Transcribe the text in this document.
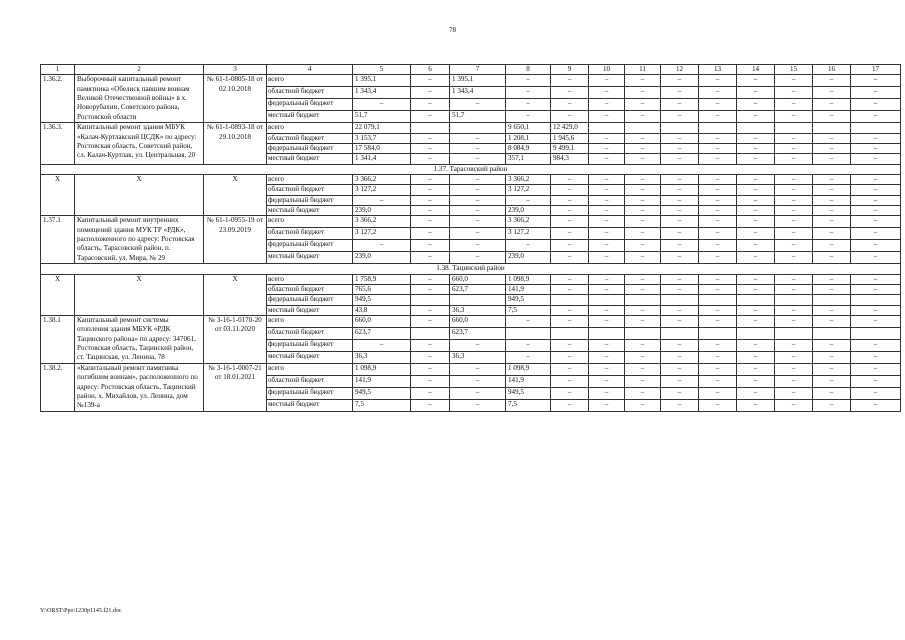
78
1	2	3	4	5	6	7	8	9	10	11	12	13	14	15	16	17
1.36.2.	Выборочный капитальный ремонт памятника «Обелиск павшим воинам Великой Отечественной войны» в х. Новорубахин, Советского района, Ростовской области	№ 61-1-0805-18 от 02.10.2018	всего	1 395,1	–	1 395,1	–	–	–	–	–	–	–	–	–	–
			областной бюджет	1 343,4	–	1 343,4	–	–	–	–	–	–	–	–	–	–
			федеральный бюджет	–	–	–	–	–	–	–	–	–	–	–	–	–
			местный бюджет	51,7	–	51,7	–	–	–	–	–	–	–	–	–	–
1.36.3.	Капитальный ремонт здания МБУК «Калач-Куртлакский ЦСДК» по адресу: Ростовская область, Советский район, сл. Калач-Куртлак, ул. Центральная, 20	№ 61-1-0893-18 от 29.10.2018	всего	22 079,1			9 650,1	12 429,0								
			областной бюджет	3 153,7	–	–	1 208,1	1 945,6	–	–	–	–	–	–	–	–
			федеральный бюджет	17 584,0	–	–	8 084,9	9 499,1	–	–	–	–	–	–	–	–
			местный бюджет	1 341,4	–	–	357,1	984,3	–	–	–	–	–	–	–	–
1.37. Тарасовский район																
Х	Х	Х	всего	3 366,2	–	–	3 366,2	–	–	–	–	–	–	–	–	–
			областной бюджет	3 127,2	–	–	3 127,2	–	–	–	–	–	–	–	–	–
			федеральный бюджет	–	–	–	–	–	–	–	–	–	–	–	–	–
			местный бюджет	239,0	–	–	239,0	–	–	–	–	–	–	–	–	–
1.37.1	Капитальный ремонт внутренних помещений здания МУК ТР «РДК», расположенного по адресу: Ростовская область, Тарасовский район, п. Тарасовский, ул. Мира, № 29	№ 61-1-0955-19 от 23.09.2019	всего	3 366,2	–	–	3 366,2	–	–	–	–	–	–	–	–	–
			областной бюджет	3 127,2	–	–	3 127,2	–	–	–	–	–	–	–	–	–
			федеральный бюджет	–	–	–	–	–	–	–	–	–	–	–	–	–
			местный бюджет	239,0	–	–	239,0	–	–	–	–	–	–	–	–	–
1.38. Тацинский район																
Х	Х	Х	всего	1 758,9	–	660,0	1 098,9	–	–	–	–	–	–	–	–	–
			областной бюджет	765,6	–	623,7	141,9	–	–	–	–	–	–	–	–	–
			федеральный бюджет	949,5			949,5									
			местный бюджет	43,8	–	36,3	7,5	–	–	–	–	–	–	–	–	–
1.38.1	Капитальный ремонт системы отопления здания МБУК «РДК Тацинского района» по адресу: 347061, Ростовская область, Тацинский район, ст. Тацинская, ул. Ленина, 78	№ 3-16-1-0170-20 от 03.11.2020	всего	660,0	–	660,0	–	–	–	–	–	–	–	–	–	–
			областной бюджет	623,7		623,7										
			федеральный бюджет	–	–	–	–	–	–	–	–	–	–	–	–	–
			местный бюджет	36,3	–	36,3	–	–	–	–	–	–	–	–	–	–
1.38.2.	«Капитальный ремонт памятника погибшим воинам», расположенного по адресу: Ростовская область, Тацинский район, х. Михайлов, ул. Ленина, дом №139-а	№ 3-16-1-0007-21 от 18.01.2021	всего	1 098,9	–	–	1 098,9	–	–	–	–	–	–	–	–	–
			областной бюджет	141,9	–	–	141,9	–	–	–	–	–	–	–	–	–
			федеральный бюджет	949,5	–	–	949,5	–	–	–	–	–	–	–	–	–
			местный бюджет	7,5	–	–	7,5	–	–	–	–	–	–	–	–	–
Y:\ORST\Ppo\1230p1145.f21.doc
